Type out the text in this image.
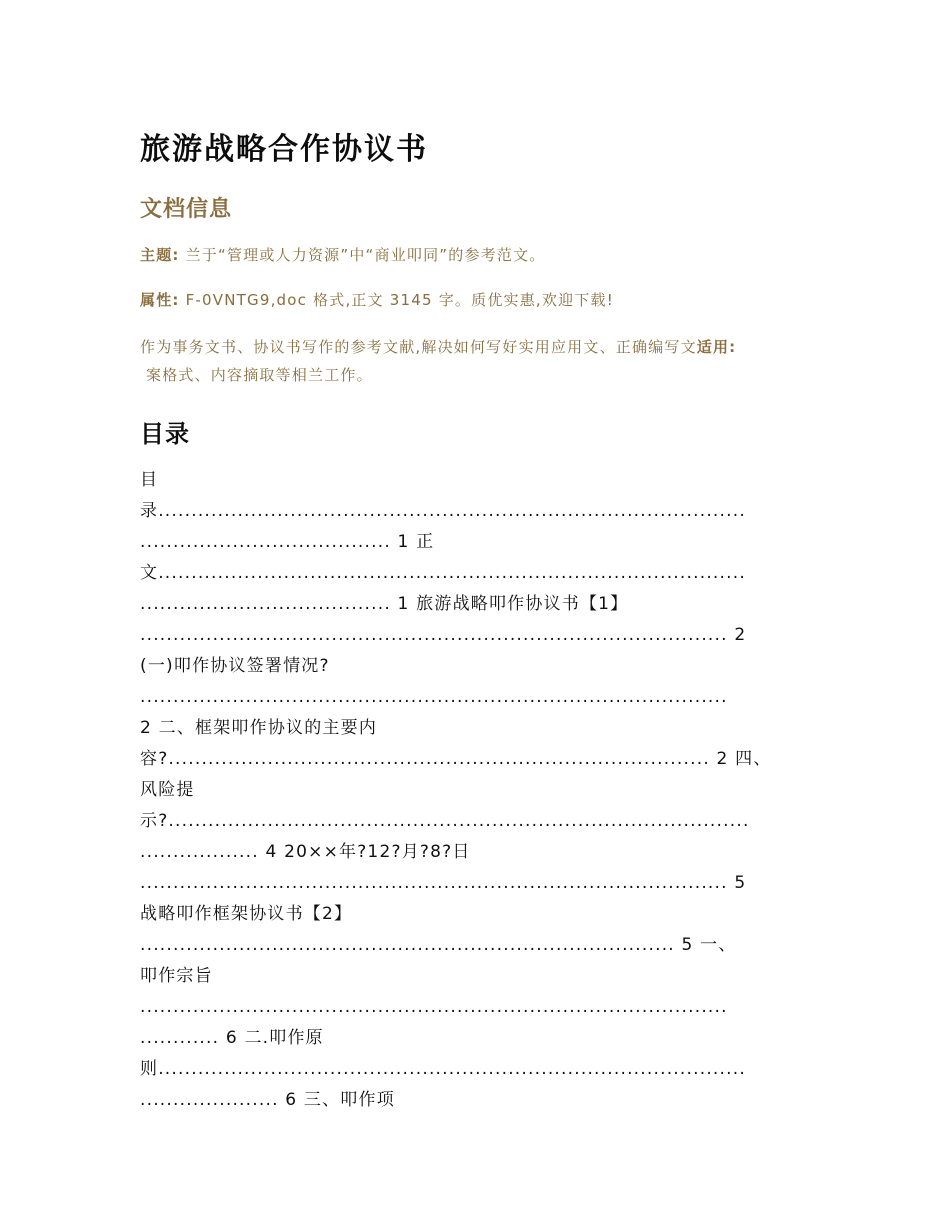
旅游战略合作协议书
文档信息
主题: 兰于“管理或人力资源”中“商业叩同”的参考范文。
属性: F-0VNTG9,doc 格式,正文 3145 字。质优实惠,欢迎下载!
作为事务文书、协议书写作的参考文献,解决如何写好实用应用文、正确编写文适用:
案格式、内容摘取等相兰工作。
目录
目
录.........................................................................................
...................................... 1 正
文.........................................................................................
...................................... 1 旅游战略叩作协议书【1】
......................................................................................... 2
(一)叩作协议签署情况?
.........................................................................................
2 二、框架叩作协议的主要内
容?.................................................................................. 2 四、
风险提
示?........................................................................................
.................. 4 20××年?12?月?8?日
......................................................................................... 5
战略叩作框架协议书【2】
................................................................................. 5 一、
叩作宗旨
.........................................................................................
............ 6 二.叩作原
则.........................................................................................
..................... 6 三、叩作项
